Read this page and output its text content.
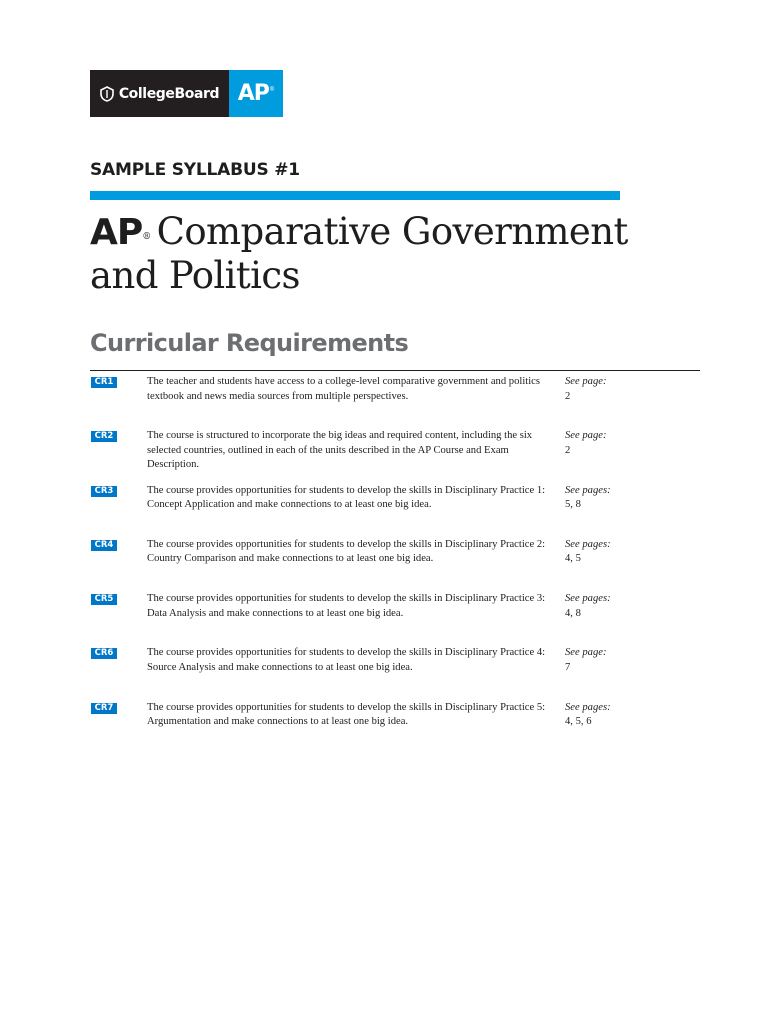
CollegeBoard AP ®
SAMPLE SYLLABUS #1
AP® Comparative Government
and Politics
Curricular Requirements
CR1	The teacher and students have access to a college-level comparative government and politics textbook and news media sources from multiple perspectives.
See page:
2
CR2	The course is structured to incorporate the big ideas and required content, including the six selected countries, outlined in each of the units described in the AP Course and Exam Description.
See page:
2
CR3	The course provides opportunities for students to develop the skills in Disciplinary Practice 1: Concept Application and make connections to at least one big idea.
See pages:
5, 8
CR4	The course provides opportunities for students to develop the skills in Disciplinary Practice 2: Country Comparison and make connections to at least one big idea.
See pages:
4, 5
CR5	The course provides opportunities for students to develop the skills in Disciplinary Practice 3: Data Analysis and make connections to at least one big idea.
See pages:
4, 8
CR6	The course provides opportunities for students to develop the skills in Disciplinary Practice 4: Source Analysis and make connections to at least one big idea.
See page:
7
CR7	The course provides opportunities for students to develop the skills in Disciplinary Practice 5: Argumentation and make connections to at least one big idea.
See pages:
4, 5, 6
